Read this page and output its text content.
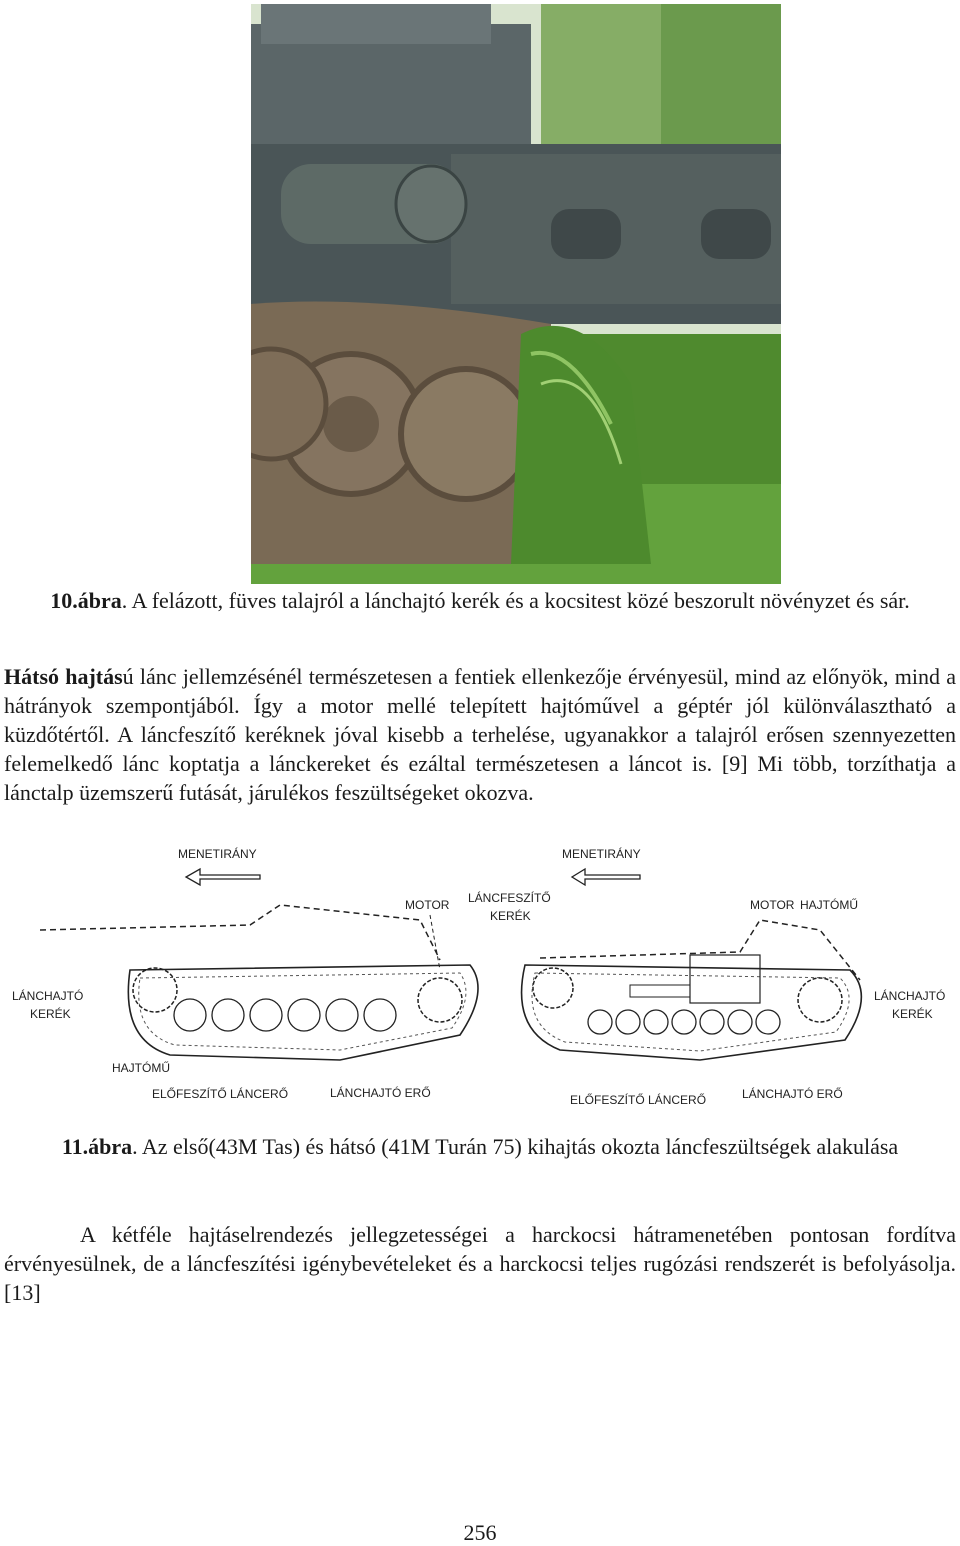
10.ábra. A felázott, füves talajról a lánchajtó kerék és a kocsitest közé beszorult növényzet és sár.

Hátsó hajtású lánc jellemzésénél természetesen a fentiek ellenkezője érvényesül, mind az előnyök, mind a hátrányok szempontjából. Így a motor mellé telepített hajtóművel a géptér jól különválasztható a küzdőtértől. A láncfeszítő keréknek jóval kisebb a terhelése, ugyanakkor a talajról erősen szennyezetten felemelkedő lánc koptatja a lánckereket és ezáltal természetesen a láncot is. [9] Mi több, torzíthatja a lánctalp üzemszerű futását, járulékos feszültségeket okozva.

MENETIRÁNY
MOTOR LÁNCFESZÍTŐ
KERÉK
LÁNCHAJTÓ
KERÉK
HAJTÓMŰ
ELŐFESZÍTŐ LÁNCERŐ	LÁNCHAJTÓ ERŐ
MENETIRÁNY
MOTOR HAJTÓMŰ
LÁNCHAJTÓ
KERÉK
ELŐFESZÍTŐ LÁNCERŐ	LÁNCHAJTÓ ERŐ
11.ábra. Az első(43M Tas) és hátsó (41M Turán 75) kihajtás okozta láncfeszültségek alakulása

A kétféle hajtáselrendezés jellegzetességei a harckocsi hátramenetében pontosan fordítva érvényesülnek, de a láncfeszítési igénybevételeket és a harckocsi teljes rugózási rendszerét is befolyásolja. [13]

256
